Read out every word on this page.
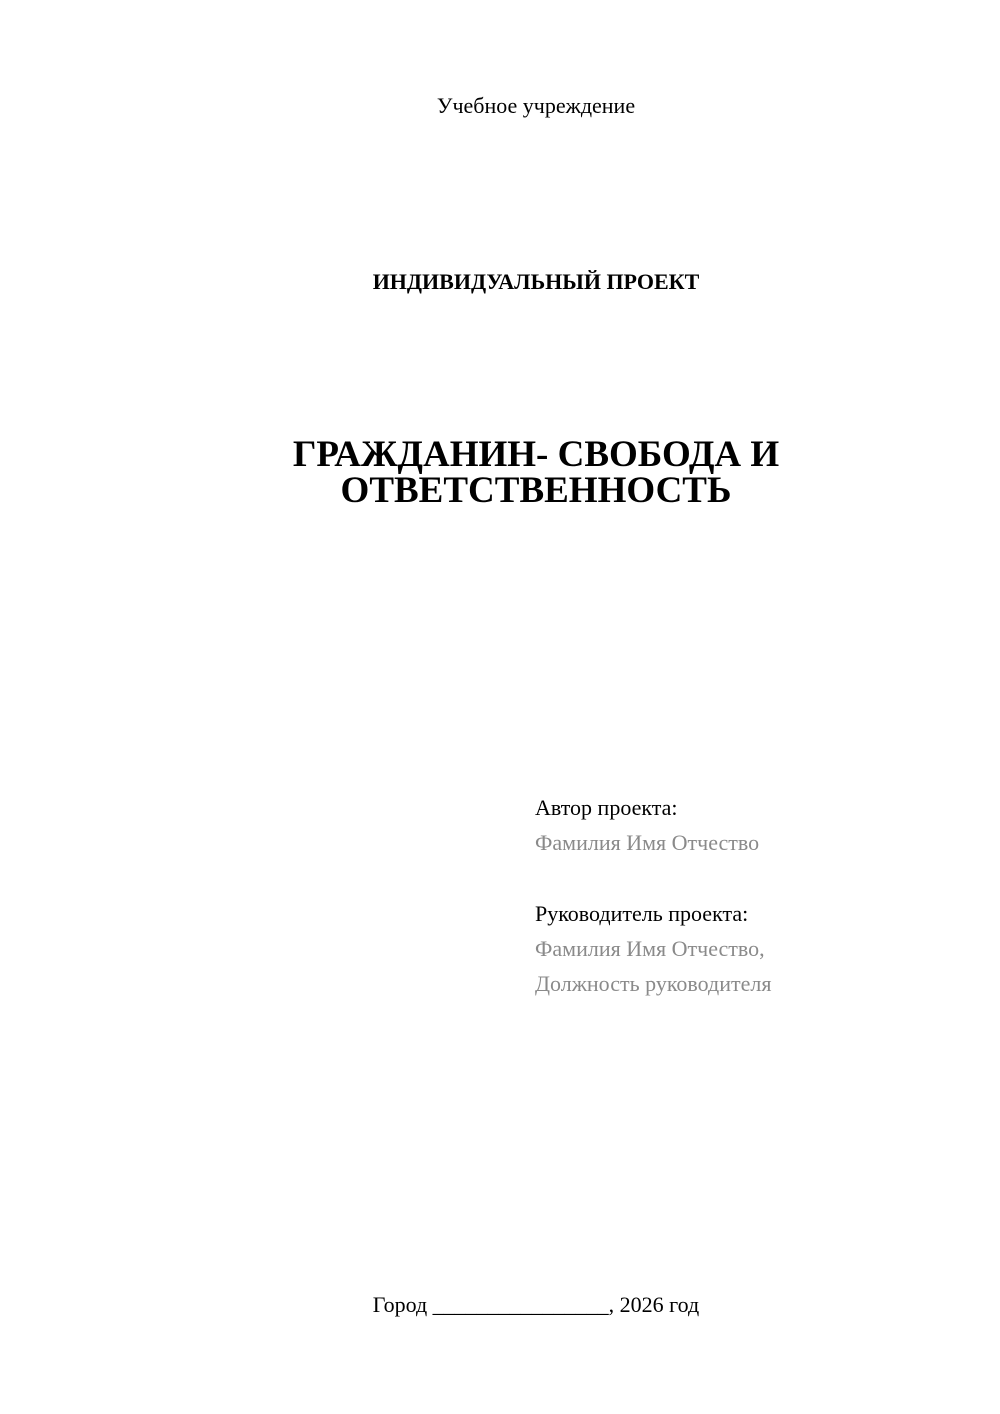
Учебное учреждение
ИНДИВИДУАЛЬНЫЙ ПРОЕКТ
ГРАЖДАНИН- СВОБОДА И
ОТВЕТСТВЕННОСТЬ
Автор проекта:
Фамилия Имя Отчество
Руководитель проекта:
Фамилия Имя Отчество,
Должность руководителя
Город ________________, 2026 год
